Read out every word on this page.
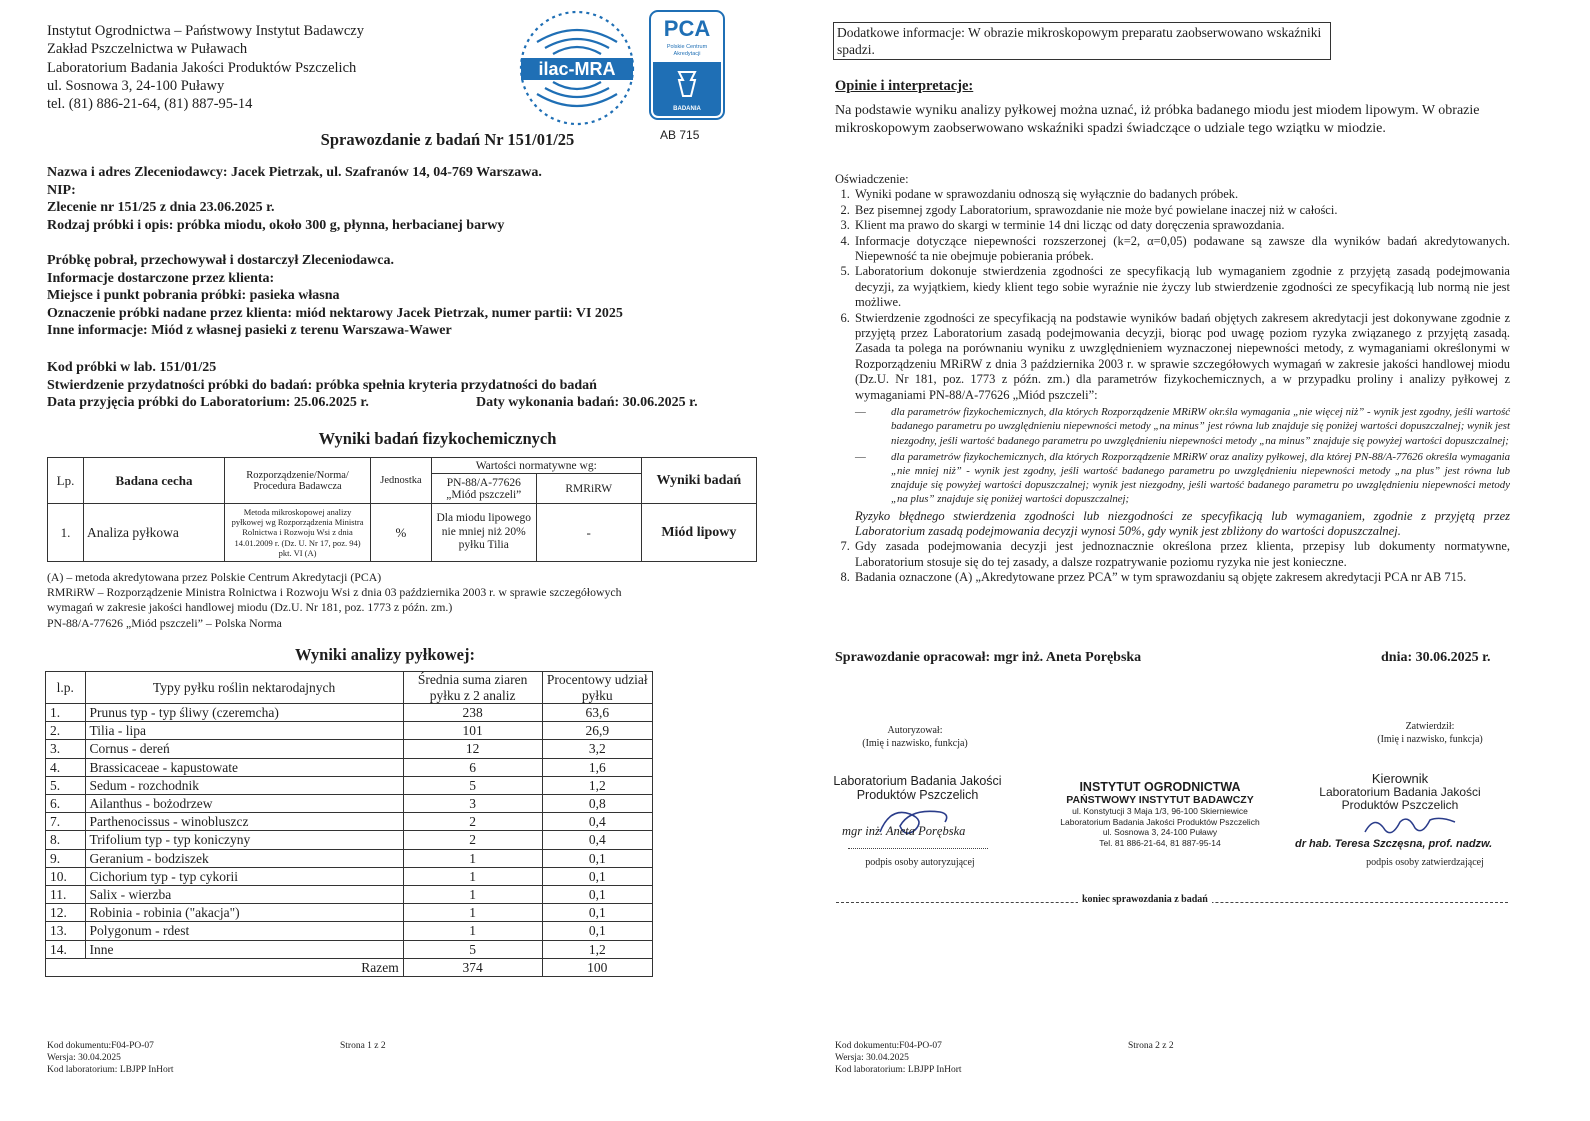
Instytut Ogrodnictwa – Państwowy Instytut Badawczy
Zakład Pszczelnictwa w Puławach
Laboratorium Badania Jakości Produktów Pszczelich
ul. Sosnowa 3, 24-100 Puławy
tel. (81) 886-21-64, (81) 887-95-14
ilac-MRA
PCA
Polskie Centrum
Akredytacji
BADANIA
AB 715
Sprawozdanie z badań Nr 151/01/25
Nazwa i adres Zleceniodawcy: Jacek Pietrzak, ul. Szafranów 14, 04-769 Warszawa.
NIP:
Zlecenie nr 151/25 z dnia 23.06.2025 r.
Rodzaj próbki i opis: próbka miodu, około 300 g, płynna, herbacianej barwy
Próbkę pobrał, przechowywał i dostarczył Zleceniodawca.
Informacje dostarczone przez klienta:
Miejsce i punkt pobrania próbki: pasieka własna
Oznaczenie próbki nadane przez klienta: miód nektarowy Jacek Pietrzak, numer partii: VI 2025
Inne informacje: Miód z własnej pasieki z terenu Warszawa-Wawer
Kod próbki w lab. 151/01/25
Stwierdzenie przydatności próbki do badań: próbka spełnia kryteria przydatności do badań
Data przyjęcia próbki do Laboratorium: 25.06.2025 r.	Daty wykonania badań: 30.06.2025 r.
Wyniki badań fizykochemicznych
Lp.	Badana cecha	Rozporządzenie/Norma/ Procedura Badawcza	Jednostka	Wartości normatywne wg:		Wyniki badań
				PN-88/A-77626 „Miód pszczeli”	RMRiRW	
1.	Analiza pyłkowa	Metoda mikroskopowej analizy pyłkowej wg Rozporządzenia Ministra Rolnictwa i Rozwoju Wsi z dnia 14.01.2009 r. (Dz. U. Nr 17, poz. 94) pkt. VI (A)	%	Dla miodu lipowego nie mniej niż 20% pyłku Tilia	-	Miód lipowy
(A) – metoda akredytowana przez Polskie Centrum Akredytacji (PCA)
RMRiRW – Rozporządzenie Ministra Rolnictwa i Rozwoju Wsi z dnia 03 października 2003 r. w sprawie szczegółowych
wymagań w zakresie jakości handlowej miodu (Dz.U. Nr 181, poz. 1773 z późn. zm.)
PN-88/A-77626 „Miód pszczeli” – Polska Norma
Wyniki analizy pyłkowej:
l.p.	Typy pyłku roślin nektarodajnych	Średnia suma ziaren pyłku z 2 analiz	Procentowy udział pyłku
1.	Prunus typ - typ śliwy (czeremcha)	238	63,6
2.	Tilia - lipa	101	26,9
3.	Cornus - dereń	12	3,2
4.	Brassicaceae - kapustowate	6	1,6
5.	Sedum - rozchodnik	5	1,2
6.	Ailanthus - bożodrzew	3	0,8
7.	Parthenocissus - winobluszcz	2	0,4
8.	Trifolium typ - typ koniczyny	2	0,4
9.	Geranium - bodziszek	1	0,1
10.	Cichorium typ - typ cykorii	1	0,1
11.	Salix - wierzba	1	0,1
12.	Robinia - robinia ("akacja")	1	0,1
13.	Polygonum - rdest	1	0,1
14.	Inne	5	1,2
Razem		374	100
Kod dokumentu:F04-PO-07
Wersja: 30.04.2025
Kod laboratorium: LBJPP InHort
Strona 1 z 2
Dodatkowe informacje: W obrazie mikroskopowym preparatu zaobserwowano wskaźniki spadzi.
Opinie i interpretacje:
Na podstawie wyniku analizy pyłkowej można uznać, iż próbka badanego miodu jest miodem lipowym. W obrazie mikroskopowym zaobserwowano wskaźniki spadzi świadczące o udziale tego wziątku w miodzie.
Oświadczenie:
1. Wyniki podane w sprawozdaniu odnoszą się wyłącznie do badanych próbek.
2. Bez pisemnej zgody Laboratorium, sprawozdanie nie może być powielane inaczej niż w całości.
3. Klient ma prawo do skargi w terminie 14 dni licząc od daty doręczenia sprawozdania.
4. Informacje dotyczące niepewności rozszerzonej (k=2, α=0,05) podawane są zawsze dla wyników badań akredytowanych. Niepewność ta nie obejmuje pobierania próbek.
5. Laboratorium dokonuje stwierdzenia zgodności ze specyfikacją lub wymaganiem zgodnie z przyjętą zasadą podejmowania decyzji, za wyjątkiem, kiedy klient tego sobie wyraźnie nie życzy lub stwierdzenie zgodności ze specyfikacją lub normą nie jest możliwe.
6. Stwierdzenie zgodności ze specyfikacją na podstawie wyników badań objętych zakresem akredytacji jest dokonywane zgodnie z przyjętą przez Laboratorium zasadą podejmowania decyzji, biorąc pod uwagę poziom ryzyka związanego z przyjętą zasadą. Zasada ta polega na porównaniu wyniku z uwzględnieniem wyznaczonej niepewności metody, z wymaganiami określonymi w Rozporządzeniu MRiRW z dnia 3 października 2003 r. w sprawie szczegółowych wymagań w zakresie jakości handlowej miodu (Dz.U. Nr 181, poz. 1773 z późn. zm.) dla parametrów fizykochemicznych, a w przypadku proliny i analizy pyłkowej z wymaganiami PN-88/A-77626 „Miód pszczeli”:
—	dla parametrów fizykochemicznych, dla których Rozporządzenie MRiRW okr.śla wymagania „nie więcej niż” - wynik jest zgodny, jeśli wartość badanego parametru po uwzględnieniu niepewności metody „na minus” jest równa lub znajduje się poniżej wartości dopuszczalnej; wynik jest niezgodny, jeśli wartość badanego parametru po uwzględnieniu niepewności metody „na minus” znajduje się powyżej wartości dopuszczalnej;
—	dla parametrów fizykochemicznych, dla których Rozporządzenie MRiRW oraz analizy pyłkowej, dla której PN-88/A-77626 określa wymagania „nie mniej niż” - wynik jest zgodny, jeśli wartość badanego parametru po uwzględnieniu niepewności metody „na plus” jest równa lub znajduje się powyżej wartości dopuszczalnej; wynik jest niezgodny, jeśli wartość badanego parametru po uwzględnieniu niepewności metody „na plus” znajduje się poniżej wartości dopuszczalnej;
Ryzyko błędnego stwierdzenia zgodności lub niezgodności ze specyfikacją lub wymaganiem, zgodnie z przyjętą przez Laboratorium zasadą podejmowania decyzji wynosi 50%, gdy wynik jest zbliżony do wartości dopuszczalnej.
7. Gdy zasada podejmowania decyzji jest jednoznacznie określona przez klienta, przepisy lub dokumenty normatywne, Laboratorium stosuje się do tej zasady, a dalsze rozpatrywanie poziomu ryzyka nie jest konieczne.
8. Badania oznaczone (A) „Akredytowane przez PCA” w tym sprawozdaniu są objęte zakresem akredytacji PCA nr AB 715.
Sprawozdanie opracował: mgr inż. Aneta Porębska	dnia: 30.06.2025 r.
Autoryzował:
(Imię i nazwisko, funkcja)
Zatwierdził:
(Imię i nazwisko, funkcja)
Laboratorium Badania Jakości
Produktów Pszczelich
mgr inż. Aneta Porębska
podpis osoby autoryzującej
INSTYTUT OGRODNICTWA
PAŃSTWOWY INSTYTUT BADAWCZY
ul. Konstytucji 3 Maja 1/3, 96-100 Skierniewice
Laboratorium Badania Jakości Produktów Pszczelich
ul. Sosnowa 3, 24-100 Puławy
Tel. 81 886-21-64, 81 887-95-14
Kierownik
Laboratorium Badania Jakości
Produktów Pszczelich
dr hab. Teresa Szczęsna, prof. nadzw.
podpis osoby zatwierdzającej
koniec sprawozdania z badań
Kod dokumentu:F04-PO-07
Wersja: 30.04.2025
Kod laboratorium: LBJPP InHort
Strona 2 z 2
